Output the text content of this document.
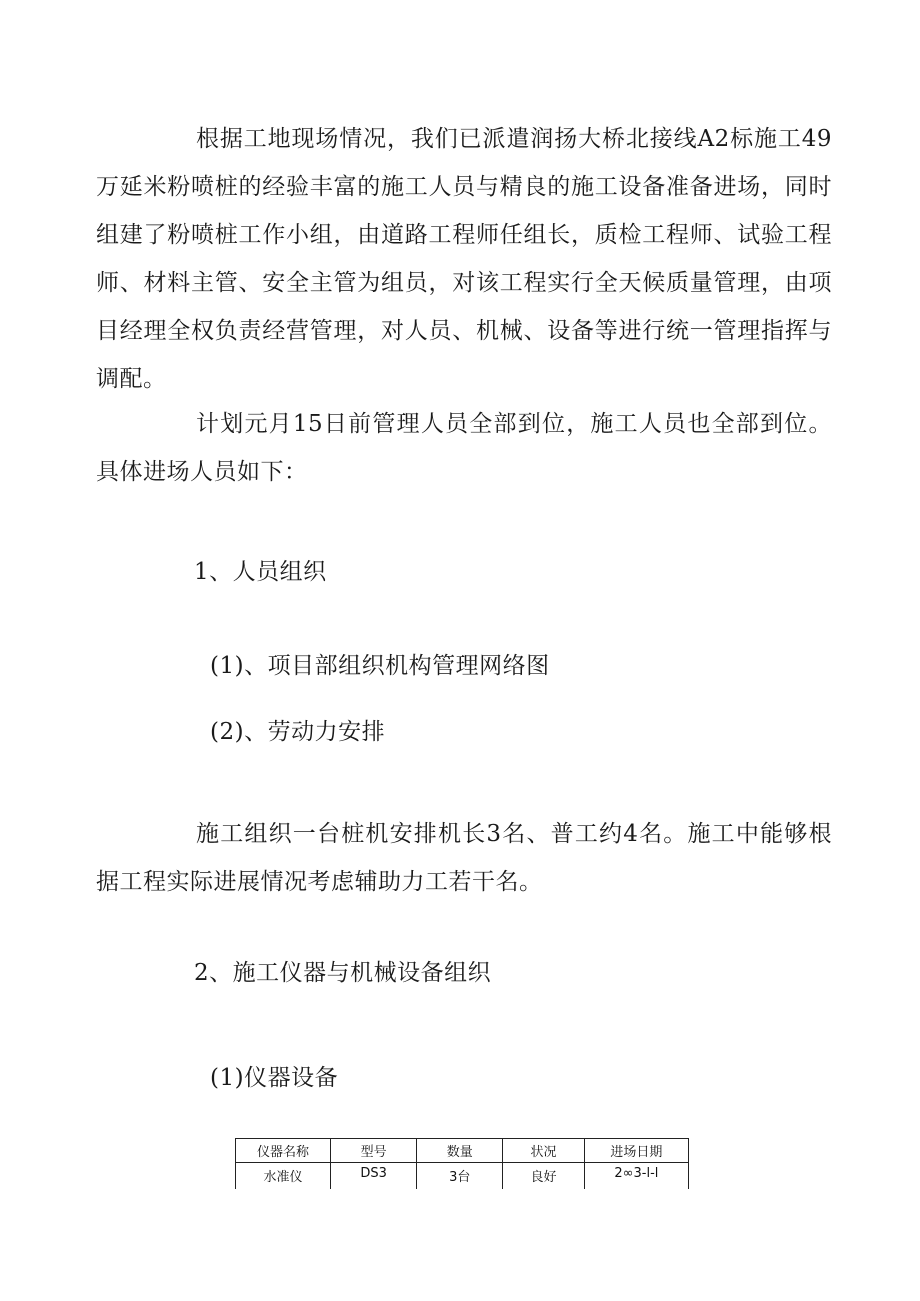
根据工地现场情况，我们已派遣润扬大桥北接线A2标施工49万延米粉喷桩的经验丰富的施工人员与精良的施工设备准备进场，同时组建了粉喷桩工作小组，由道路工程师任组长，质检工程师、试验工程师、材料主管、安全主管为组员，对该工程实行全天候质量管理，由项目经理全权负责经营管理，对人员、机械、设备等进行统一管理指挥与调配。

计划元月15日前管理人员全部到位，施工人员也全部到位。具体进场人员如下：

1、人员组织

(1)、项目部组织机构管理网络图

(2)、劳动力安排

施工组织一台桩机安排机长3名、普工约4名。施工中能够根据工程实际进展情况考虑辅助力工若干名。

2、施工仪器与机械设备组织

(1)仪器设备

仪器名称	型号	数量	状况	进场日期
水准仪	DS3	3台	良好	2∞3-l-l
